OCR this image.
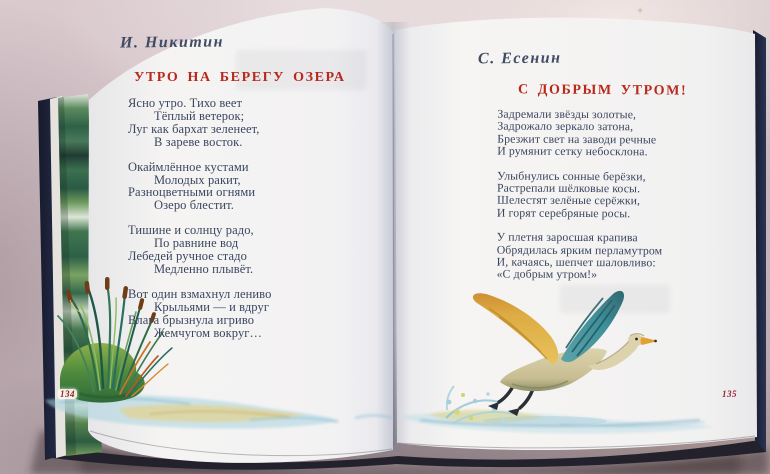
✦
И. Никитин
УТРО НА БЕРЕГУ ОЗЕРА
Ясно утро. Тихо веет
Тёплый ветерок;
Луг как бархат зеленеет,
В зареве восток.
Окаймлённое кустами
Молодых ракит,
Разноцветными огнями
Озеро блестит.
Тишине и солнцу радо,
По равнине вод
Лебедей ручное стадо
Медленно плывёт.
Вот один взмахнул лениво
Крыльями — и вдруг
Влага брызнула игриво
Жемчугом вокруг…
С. Есенин
С ДОБРЫМ УТРОМ!
Задремали звёзды золотые,
Задрожало зеркало затона,
Брезжит свет на заводи речные
И румянит сетку небосклона.
Улыбнулись сонные берёзки,
Растрепали шёлковые косы.
Шелестят зелёные серёжки,
И горят серебряные росы.
У плетня заросшая крапива
Обрядилась ярким перламутром
И, качаясь, шепчет шаловливо:
«С добрым утром!»
134	135
